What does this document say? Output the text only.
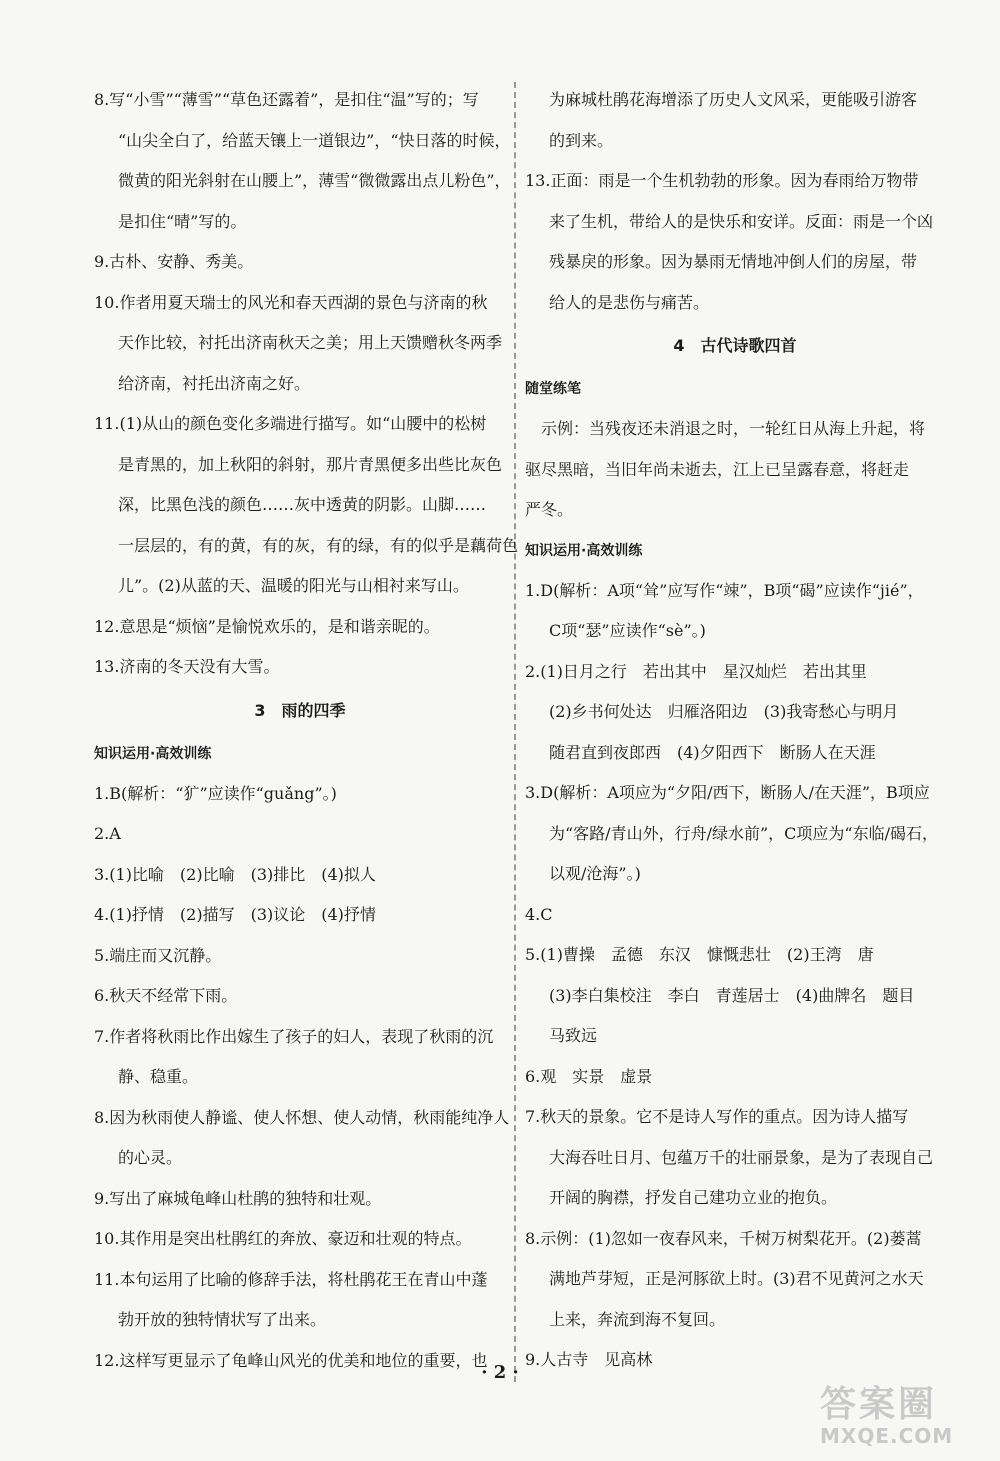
8.写“小雪”“薄雪”“草色还露着”，是扣住“温”写的；写
“山尖全白了，给蓝天镶上一道银边”，“快日落的时候，
微黄的阳光斜射在山腰上”，薄雪“微微露出点儿粉色”，
是扣住“晴”写的。
9.古朴、安静、秀美。
10.作者用夏天瑞士的风光和春天西湖的景色与济南的秋
天作比较，衬托出济南秋天之美；用上天馈赠秋冬两季
给济南，衬托出济南之好。
11.(1)从山的颜色变化多端进行描写。如“山腰中的松树
是青黑的，加上秋阳的斜射，那片青黑便多出些比灰色
深，比黑色浅的颜色……灰中透黄的阴影。山脚……
一层层的，有的黄，有的灰，有的绿，有的似乎是藕荷色
儿”。(2)从蓝的天、温暖的阳光与山相衬来写山。
12.意思是“烦恼”是愉悦欢乐的，是和谐亲昵的。
13.济南的冬天没有大雪。
3　雨的四季
知识运用·高效训练
1.B(解析：“犷”应读作“guǎng”。)
2.A
3.(1)比喻　(2)比喻　(3)排比　(4)拟人
4.(1)抒情　(2)描写　(3)议论　(4)抒情
5.端庄而又沉静。
6.秋天不经常下雨。
7.作者将秋雨比作出嫁生了孩子的妇人，表现了秋雨的沉
静、稳重。
8.因为秋雨使人静谧、使人怀想、使人动情，秋雨能纯净人
的心灵。
9.写出了麻城龟峰山杜鹃的独特和壮观。
10.其作用是突出杜鹃红的奔放、豪迈和壮观的特点。
11.本句运用了比喻的修辞手法，将杜鹃花王在青山中蓬
勃开放的独特情状写了出来。
12.这样写更显示了龟峰山风光的优美和地位的重要，也
为麻城杜鹃花海增添了历史人文风采，更能吸引游客
的到来。
13.正面：雨是一个生机勃勃的形象。因为春雨给万物带
来了生机，带给人的是快乐和安详。反面：雨是一个凶
残暴戾的形象。因为暴雨无情地冲倒人们的房屋，带
给人的是悲伤与痛苦。
4　古代诗歌四首
随堂练笔
　示例：当残夜还未消退之时，一轮红日从海上升起，将
驱尽黑暗，当旧年尚未逝去，江上已呈露春意，将赶走
严冬。
知识运用·高效训练
1.D(解析：A项“耸”应写作“竦”，B项“碣”应读作“jié”，
C项“瑟”应读作“sè”。)
2.(1)日月之行　若出其中　星汉灿烂　若出其里
(2)乡书何处达　归雁洛阳边　(3)我寄愁心与明月
随君直到夜郎西　(4)夕阳西下　断肠人在天涯
3.D(解析：A项应为“夕阳/西下，断肠人/在天涯”，B项应
为“客路/青山外，行舟/绿水前”，C项应为“东临/碣石，
以观/沧海”。)
4.C
5.(1)曹操　孟德　东汉　慷慨悲壮　(2)王湾　唐
(3)李白集校注　李白　青莲居士　(4)曲牌名　题目
马致远
6.观　实景　虚景
7.秋天的景象。它不是诗人写作的重点。因为诗人描写
大海吞吐日月、包蕴万千的壮丽景象，是为了表现自己
开阔的胸襟，抒发自己建功立业的抱负。
8.示例：(1)忽如一夜春风来，千树万树梨花开。(2)蒌蒿
满地芦芽短，正是河豚欲上时。(3)君不见黄河之水天
上来，奔流到海不复回。
9.人古寺　见高林
· 2 ·
答案圈
MXQE.COM
